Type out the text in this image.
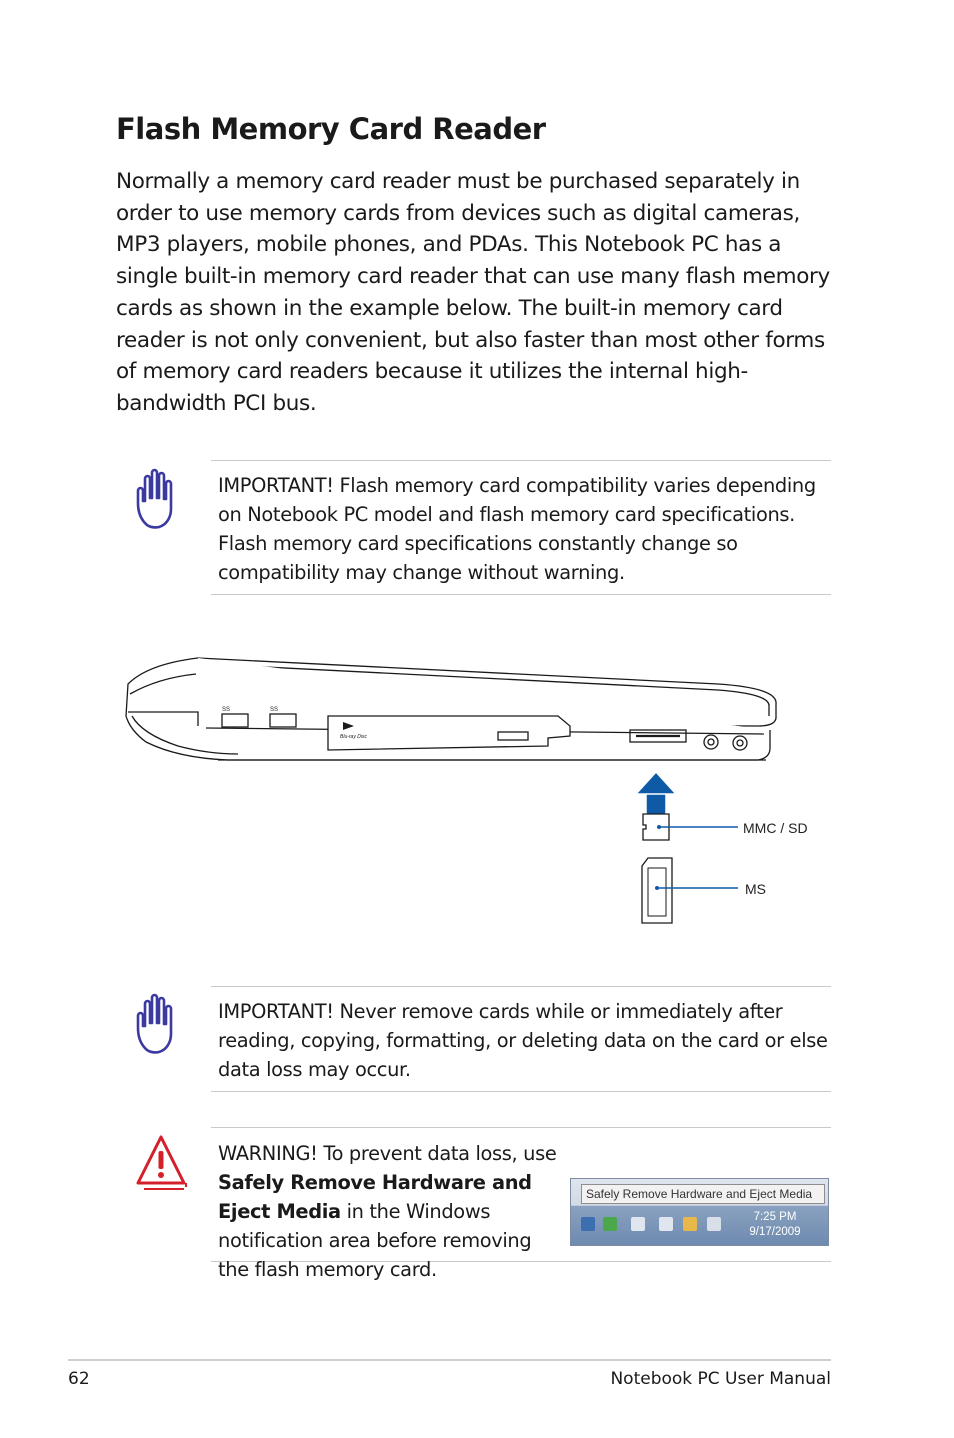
Flash Memory Card Reader

Normally a memory card reader must be purchased separately in order to use memory cards from devices such as digital cameras, MP3 players, mobile phones, and PDAs. This Notebook PC has a single built-in memory card reader that can use many flash memory cards as shown in the example below. The built-in memory card reader is not only convenient, but also faster than most other forms of memory card readers because it utilizes the internal high-bandwidth PCI bus.

IMPORTANT! Flash memory card compatibility varies depending on Notebook PC model and flash memory card specifications. Flash memory card specifications constantly change so compatibility may change without warning.

SS	SS
Blu-ray Disc
MMC / SD
MS

IMPORTANT! Never remove cards while or immediately after reading, copying, formatting, or deleting data on the card or else data loss may occur.

WARNING! To prevent data loss, use Safely Remove Hardware and Eject Media in the Windows notification area before removing the flash memory card.

Safely Remove Hardware and Eject Media
7:25 PM
9/17/2009
62	Notebook PC User Manual
